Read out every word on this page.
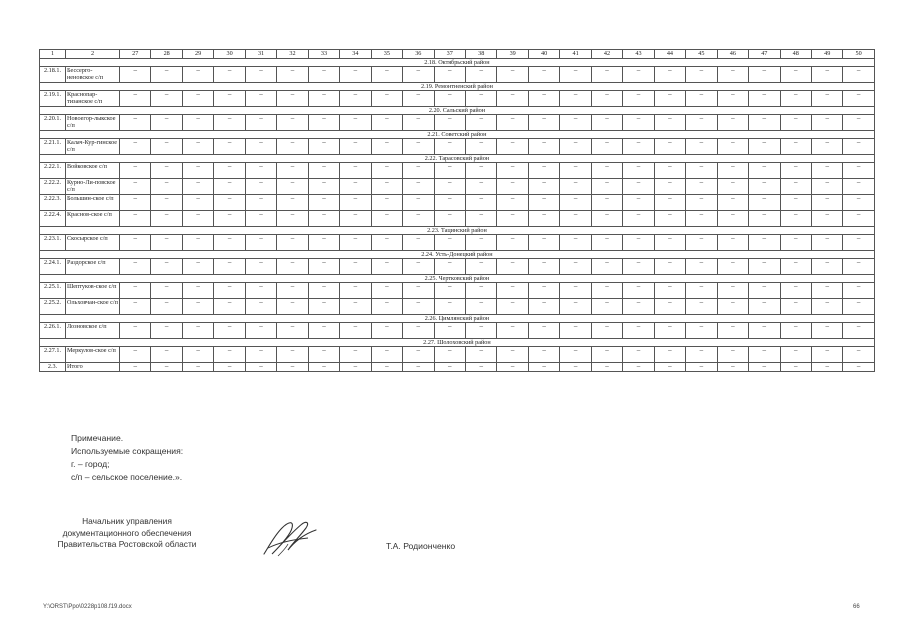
1	2	27	28	29	30	31	32	33	34	35	36	37	38	39	40	41	42	43	44	45	46	47	48	49	50
2.18. Октябрьский район																									
2.18.1.	Бессерго-неновское с/п	–	–	–	–	–	–	–	–	–	–	–	–	–	–	–	–	–	–	–	–	–	–	–	–
2.19. Ремонтненский район																									
2.19.1.	Краснопар-тизанское с/п	–	–	–	–	–	–	–	–	–	–	–	–	–	–	–	–	–	–	–	–	–	–	–	–
2.20. Сальский район																									
2.20.1.	Новоегор-лыкское с/п	–	–	–	–	–	–	–	–	–	–	–	–	–	–	–	–	–	–	–	–	–	–	–	–
2.21. Советский район																									
2.21.1.	Калач-Кур-гинское с/п	–	–	–	–	–	–	–	–	–	–	–	–	–	–	–	–	–	–	–	–	–	–	–	–
2.22. Тарасовский район																									
2.22.1.	Войковское с/п	–	–	–	–	–	–	–	–	–	–	–	–	–	–	–	–	–	–	–	–	–	–	–	–
2.22.2.	Курно-Ли-повское с/п	–	–	–	–	–	–	–	–	–	–	–	–	–	–	–	–	–	–	–	–	–	–	–	–
2.22.3.	Большин-ское с/п	–	–	–	–	–	–	–	–	–	–	–	–	–	–	–	–	–	–	–	–	–	–	–	–
2.22.4.	Краснов-ское с/п	–	–	–	–	–	–	–	–	–	–	–	–	–	–	–	–	–	–	–	–	–	–	–	–
2.23. Тацинский район																									
2.23.1.	Скосырское с/п	–	–	–	–	–	–	–	–	–	–	–	–	–	–	–	–	–	–	–	–	–	–	–	–
2.24. Усть-Донецкий район																									
2.24.1.	Раздорское с/п	–	–	–	–	–	–	–	–	–	–	–	–	–	–	–	–	–	–	–	–	–	–	–	–
2.25. Чертковский район																									
2.25.1.	Шептуков-ское с/п	–	–	–	–	–	–	–	–	–	–	–	–	–	–	–	–	–	–	–	–	–	–	–	–
2.25.2.	Ольховчан-ское с/п	–	–	–	–	–	–	–	–	–	–	–	–	–	–	–	–	–	–	–	–	–	–	–	–
2.26. Цимлянский район																									
2.26.1.	Лозновское с/п	–	–	–	–	–	–	–	–	–	–	–	–	–	–	–	–	–	–	–	–	–	–	–	–
2.27. Шолоховский район																									
2.27.1.	Меркулов-ское с/п	–	–	–	–	–	–	–	–	–	–	–	–	–	–	–	–	–	–	–	–	–	–	–	–
2.3.	Итого	–	–	–	–	–	–	–	–	–	–	–	–	–	–	–	–	–	–	–	–	–	–	–	–
Примечание.
Используемые сокращения:
г. – город;
с/п – сельское поселение.».
Начальник управления
документационного обеспечения
Правительства Ростовской области	Т.А. Родионченко
Y:\ORST\Ppo\0228p108.f19.docx	66
